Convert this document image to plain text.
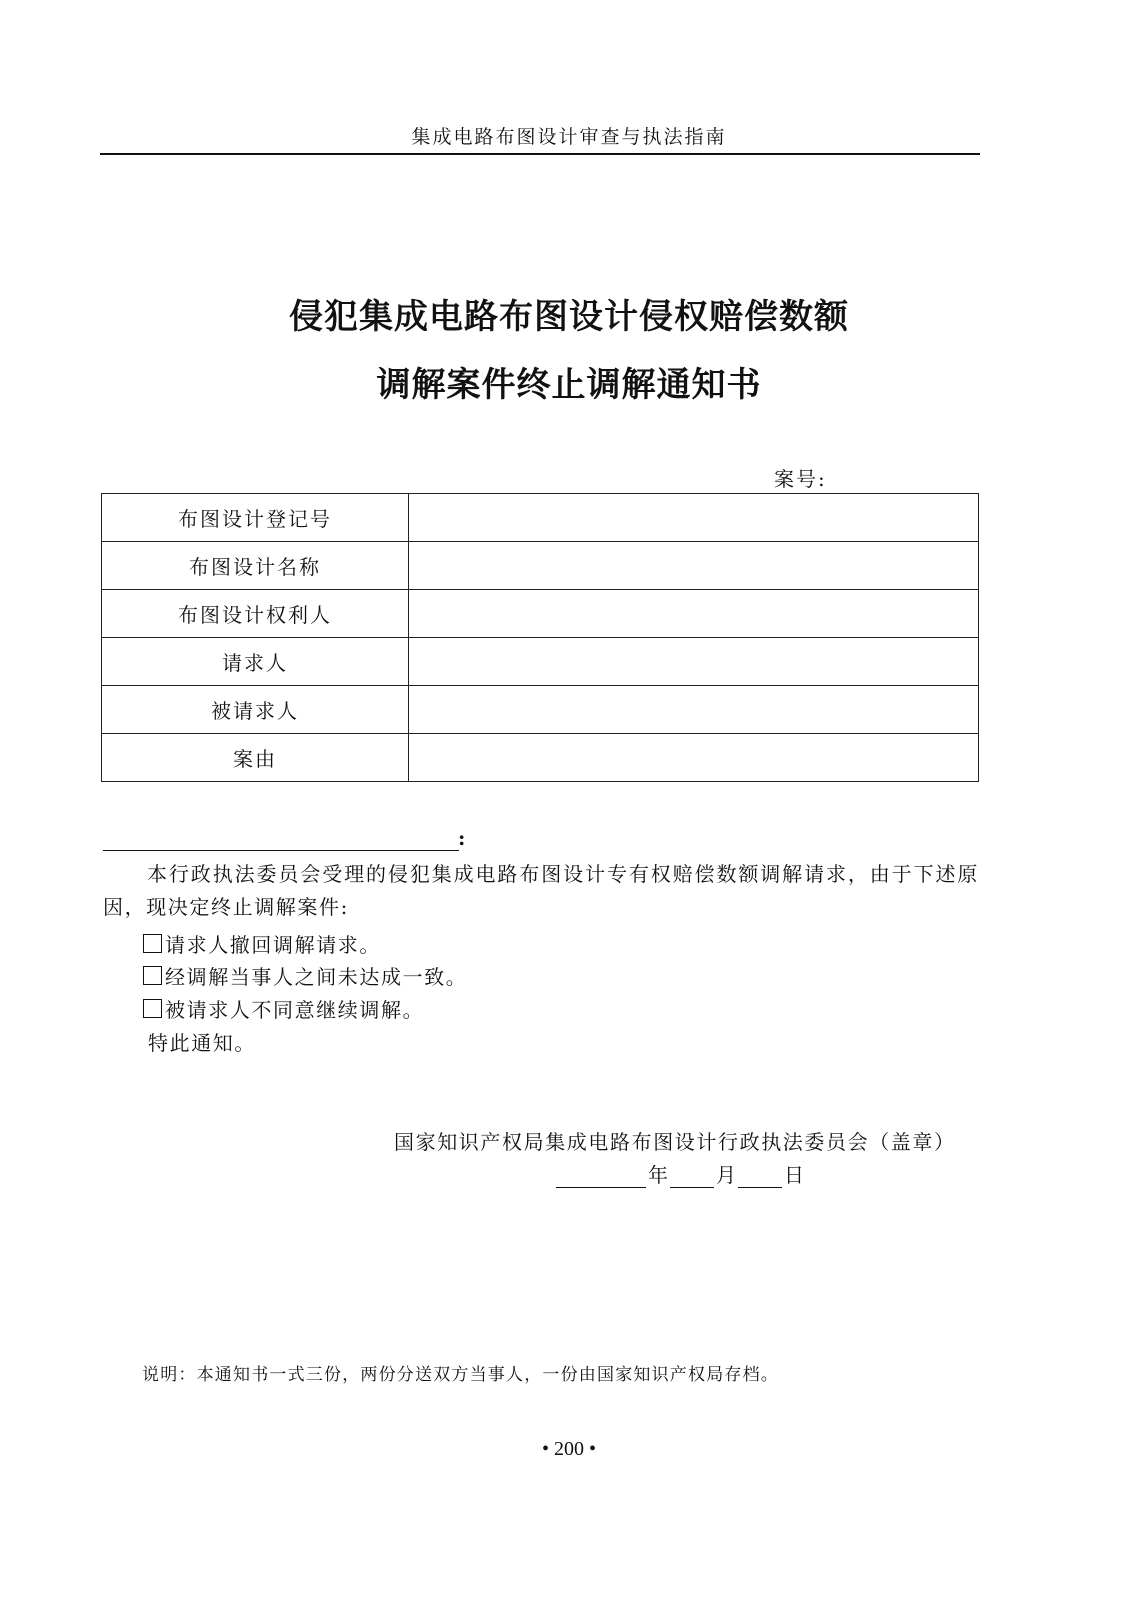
集成电路布图设计审查与执法指南
侵犯集成电路布图设计侵权赔偿数额
调解案件终止调解通知书
案号:
布图设计登记号	
布图设计名称	
布图设计权利人	
请求人	
被请求人	
案由	
:
本行政执法委员会受理的侵犯集成电路布图设计专有权赔偿数额调解请求，由于下述原因，现决定终止调解案件:
请求人撤回调解请求。
经调解当事人之间未达成一致。
被请求人不同意继续调解。
特此通知。
国家知识产权局集成电路布图设计行政执法委员会（盖章）
年 月 日
说明：本通知书一式三份，两份分送双方当事人，一份由国家知识产权局存档。
• 200 •
